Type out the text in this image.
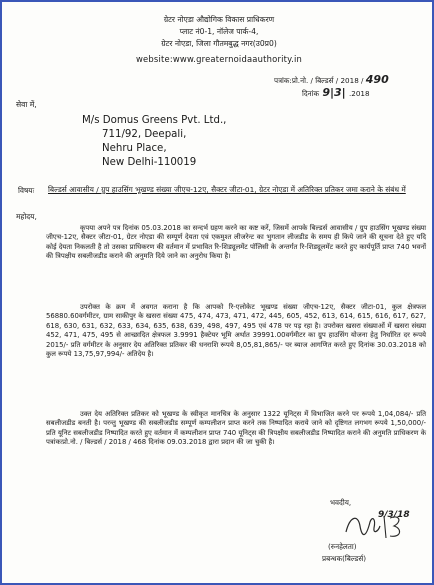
ग्रेटर नोएडा औद्योगिक विकास प्राधिकरण
प्लाट नं0-1, नॉलेज पार्क-4,
ग्रेटर नोएडा, जिला गौतमबुद्ध नगर(उ0प्र0)
website:www.greaternoidaauthority.in
पत्रांक:प्रो.नो. / बिल्डर्स / 2018 / 490
दिनांक 9|3| .2018
सेवा में,
M/s Domus Greens Pvt. Ltd.,
711/92, Deepali,
Nehru Place,
New Delhi-110019
विषयः बिल्डर्स आवासीय / ग्रुप हाउसिंग भूखण्ड संख्या जीएच-12ए, सैक्टर जीटा-01, ग्रेटर नोएडा में अतिरिक्त प्रतिकर जमा कराने के संबंध में
महोदय,
कृपया अपने पत्र दिनांक 05.03.2018 का सन्दर्भ ग्रहण करने का कष्ट करें, जिसमें आपके बिल्डर्स आवासीय / ग्रुप हाउसिंग भूखण्ड संख्या जीएच-12ए, सैक्टर जीटा-01, ग्रेटर नोएडा की सम्पूर्ण देयता एवं एकमुश्त लीजरेन्ट का भुगतान लीजडीड के समय ही किये जाने की सूचना देते हुए यदि कोई देयता निकलती है तो उसका प्राधिकरण की वर्तमान में प्रभावित रि-शिड्यूलमेंट पॉलिसी के अन्तर्गत रि-शिड्यूलमेंट करते हुए कार्यपूर्ति प्राप्त 740 भवनों की त्रिपक्षीय सबलीजडीड कराने की अनुमति दिये जाने का अनुरोध किया है।
उपरोक्त के क्रम में अवगत कराना है कि आपको रि-एलोकेट भूखण्ड संख्या जीएच-12ए, सैक्टर जीटा-01, कुल क्षेत्रफल 56880.60वर्गमीटर, ग्राम साकीपुर के खसरा संख्या 475, 474, 473, 471, 472, 445, 605, 452, 613, 614, 615, 616, 617, 627, 618, 630, 631, 632, 633, 634, 635, 638, 639, 498, 497, 495 एवं 478 पर पड़ रहा है। उपरोक्त खसरा संख्याओं में खसरा संख्या 452, 471, 475, 495 से आच्छादित क्षेत्रफल 3.9991 हैक्टेयर भूमि अर्थात 39991.00वर्गमीटर का ग्रुप हाउसिंग योजना हेतु निर्धारित दर रूपये 2015/- प्रति वर्गमीटर के अनुसार देय अतिरिक्त प्रतिकर की धनराशि रूपये 8,05,81,865/- पर ब्याज आगणित करते हुए दिनांक 30.03.2018 को कुल रूपये 13,75,97,994/- अतिदेय है।
उक्त देय अतिरिक्त प्रतिकर को भूखण्ड के स्वीकृत मानचित्र के अनुसार 1322 यूनिट्स में विभाजित करने पर रूपये 1,04,084/- प्रति सबलीजडीड बनती है। परन्तु भूखण्ड की सबलीजडीड सम्पूर्ण कम्पलीशन प्राप्त करने तक निष्पादित कराये जाने को दृष्टिगत लगभग रूपये 1,50,000/- प्रति यूनिट सबलीजडीड निष्पादित करते हुए वर्तमान में कम्पलीशन प्राप्त 740 यूनिट्स की त्रिपक्षीय सबलीजडीड निष्पादित कराने की अनुमति प्राधिकरण के पत्रांकःप्रो.नो. / बिल्डर्स / 2018 / 468 दिनांक 09.03.2018 द्वारा प्रदान की जा चुकी है।
भवदीय,
9/3/18
(रुनहेलता)
प्रबन्धक(बिल्डर्स)
